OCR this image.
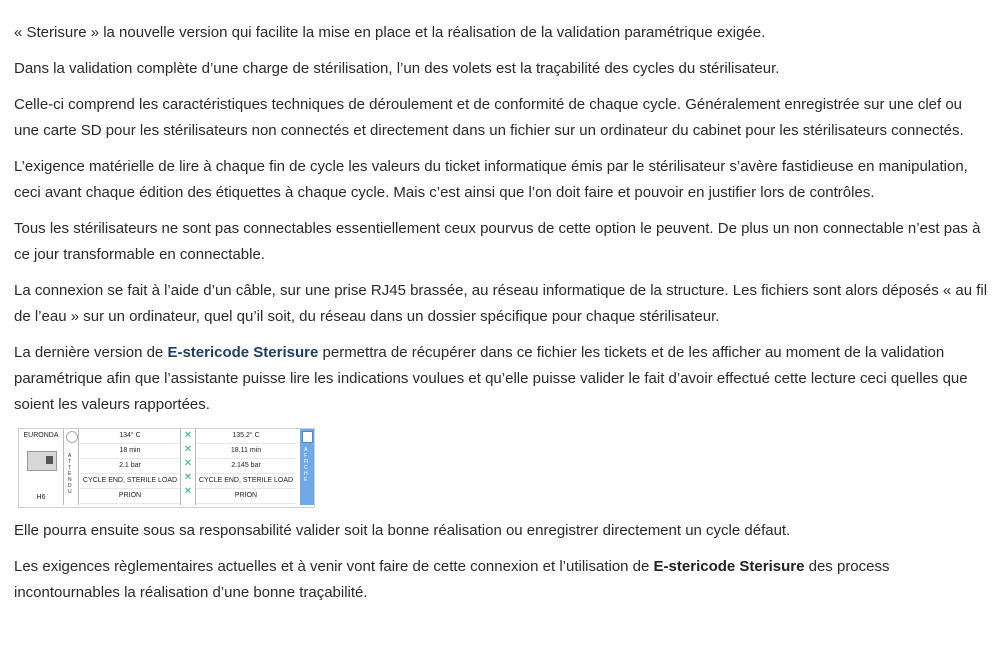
« Sterisure » la nouvelle version qui facilite la mise en place et la réalisation de la validation paramétrique exigée.

Dans la validation complète d’une charge de stérilisation, l’un des volets est la traçabilité des cycles du stérilisateur.

Celle-ci comprend les caractéristiques techniques de déroulement et de conformité de chaque cycle. Généralement enregistrée sur une clef ou une carte SD pour les stérilisateurs non connectés et directement dans un fichier sur un ordinateur du cabinet pour les stérilisateurs connectés.

L’exigence matérielle de lire à chaque fin de cycle les valeurs du ticket informatique émis par le stérilisateur s’avère fastidieuse en manipulation, ceci avant chaque édition des étiquettes à chaque cycle. Mais c’est ainsi que l’on doit faire et pouvoir en justifier lors de contrôles.

Tous les stérilisateurs ne sont pas connectables essentiellement ceux pourvus de cette option le peuvent. De plus un non connectable n’est pas à ce jour transformable en connectable.

La connexion se fait à l’aide d’un câble, sur une prise RJ45 brassée, au réseau informatique de la structure. Les fichiers sont alors déposés « au fil de l’eau » sur un ordinateur, quel qu’il soit, du réseau dans un dossier spécifique pour chaque stérilisateur.

La dernière version de E-stericode Sterisure permettra de récupérer dans ce fichier les tickets et de les afficher au moment de la validation paramétrique afin que l’assistante puisse lire les indications voulues et qu’elle puisse valider le fait d’avoir effectué cette lecture ceci quelles que soient les valeurs rapportées.

EURONDA
H6
ATTENDU
134° C
18 min
2.1 bar
CYCLE END, STERILE LOAD
PRION
✕
✕
✕
✕
✕
135.2° C
18.11 min
2.145 bar
CYCLE END, STERILE LOAD
PRION
AFFICHE

Elle pourra ensuite sous sa responsabilité valider soit la bonne réalisation ou enregistrer directement un cycle défaut.

Les exigences règlementaires actuelles et à venir vont faire de cette connexion et l’utilisation de E-stericode Sterisure des process incontournables la réalisation d’une bonne traçabilité.
